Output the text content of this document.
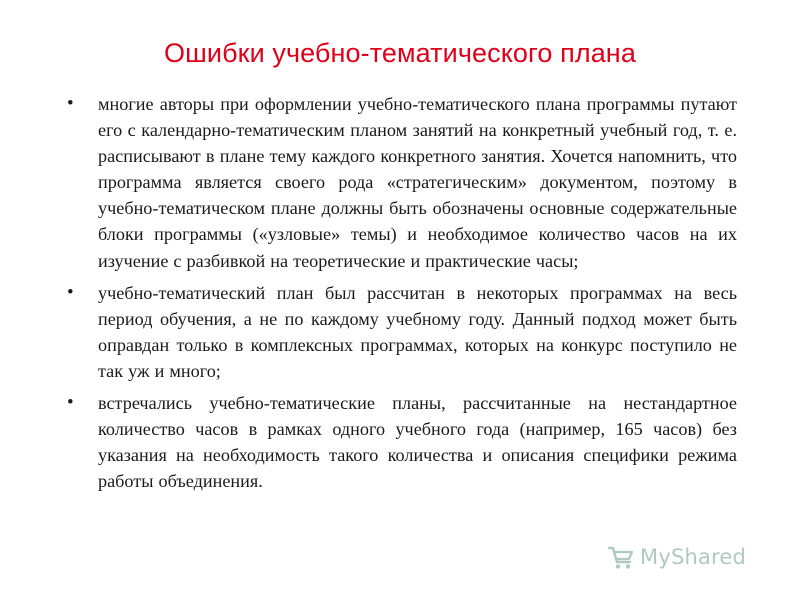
Ошибки учебно-тематического плана
• многие авторы при оформлении учебно-тематического плана программы путают его с календарно-тематическим планом занятий на конкретный учебный год, т. е. расписывают в плане тему каждого конкретного занятия. Хочется напомнить, что программа является своего рода «стратегическим» документом, поэтому в учебно-тематическом плане должны быть обозначены основные содержательные блоки программы («узловые» темы) и необходимое количество часов на их изучение с разбивкой на теоретические и практические часы;
• учебно-тематический план был рассчитан в некоторых программах на весь период обучения, а не по каждому учебному году. Данный подход может быть оправдан только в комплексных программах, которых на конкурс поступило не так уж и много;
• встречались учебно-тематические планы, рассчитанные на нестандартное количество часов в рамках одного учебного года (например, 165 часов) без указания на необходимость такого количества и описания специфики режима работы объединения.
MyShared
